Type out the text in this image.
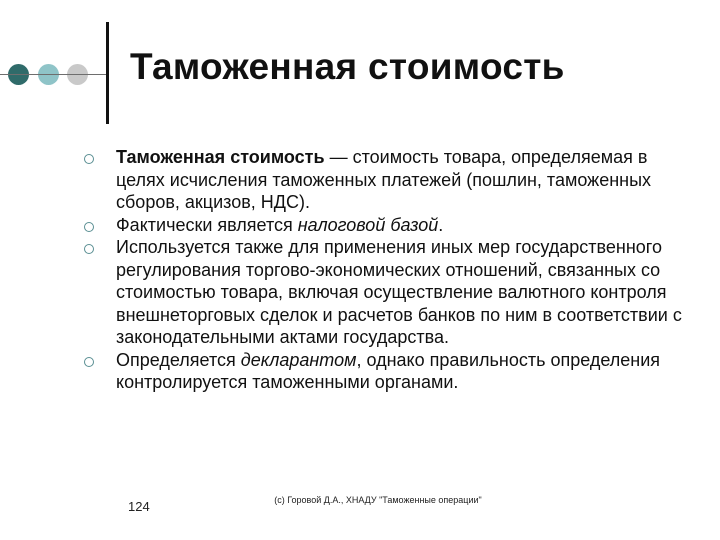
Таможенная стоимость
Таможенная стоимость — стоимость товара, определяемая в целях исчисления таможенных платежей (пошлин, таможенных сборов, акцизов, НДС).
Фактически является налоговой базой.
Используется также для применения иных мер государственного регулирования торгово-экономических отношений, связанных со стоимостью товара, включая осуществление валютного контроля внешнеторговых сделок и расчетов банков по ним в соответствии с законодательными актами государства.
Определяется декларантом, однако правильность определения контролируется таможенными органами.
124	(с) Горовой Д.А., ХНАДУ "Таможенные операции"
